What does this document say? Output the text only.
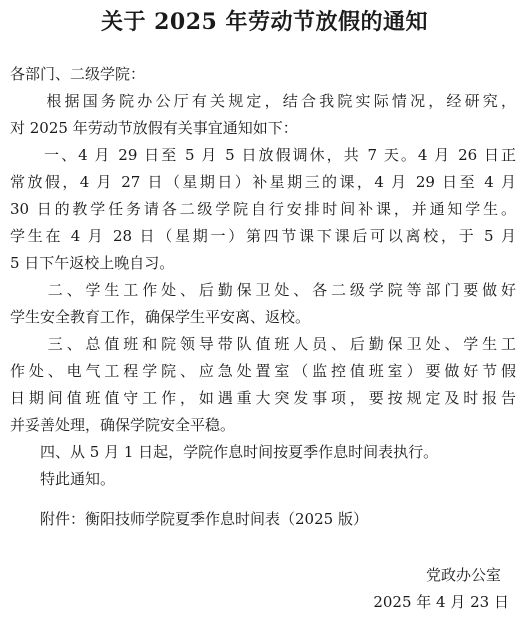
关于 2025 年劳动节放假的通知
各部门、二级学院：
　　根据国务院办公厅有关规定，结合我院实际情况，经研究，
对 2025 年劳动节放假有关事宜通知如下：
　　一、4 月 29 日至 5 月 5 日放假调休，共 7 天。4 月 26 日正
常放假，4 月 27 日（星期日）补星期三的课，4 月 29 日至 4 月
30 日的教学任务请各二级学院自行安排时间补课，并通知学生。
学生在 4 月 28 日（星期一）第四节课下课后可以离校，于 5 月
5 日下午返校上晚自习。
　　二、学生工作处、后勤保卫处、各二级学院等部门要做好
学生安全教育工作，确保学生平安离、返校。
　　三、总值班和院领导带队值班人员、后勤保卫处、学生工
作处、电气工程学院、应急处置室（监控值班室）要做好节假
日期间值班值守工作，如遇重大突发事项，要按规定及时报告
并妥善处理，确保学院安全平稳。
　　四、从 5 月 1 日起，学院作息时间按夏季作息时间表执行。
　　特此通知。
　　附件：衡阳技师学院夏季作息时间表（2025 版）
党政办公室
2025 年 4 月 23 日
